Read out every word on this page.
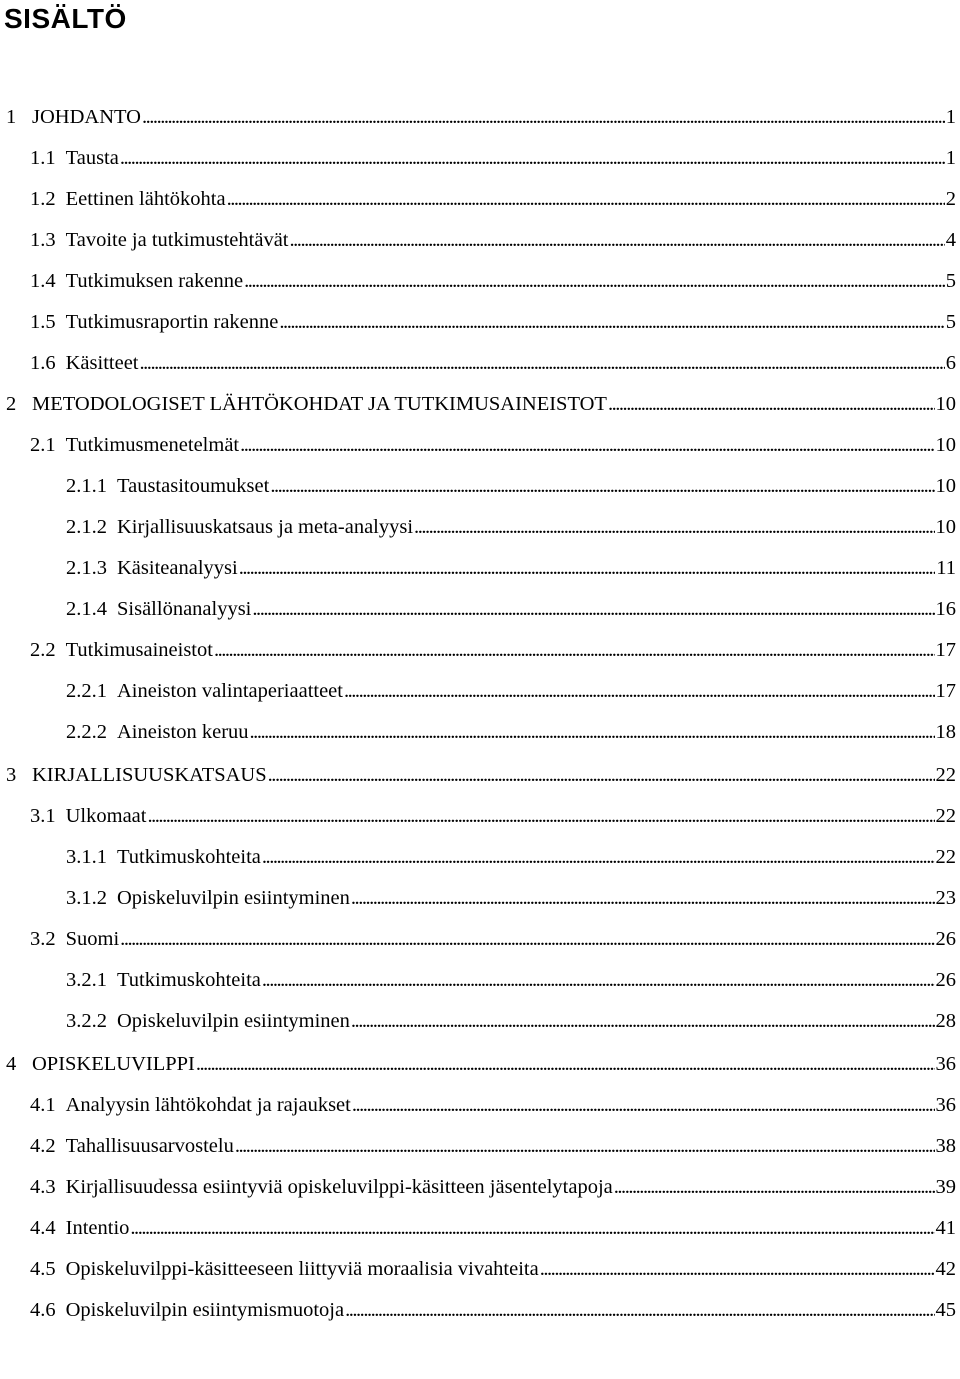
SISÄLTÖ
1 JOHDANTO . . .	1
1.1 Tausta . . .	1
1.2 Eettinen lähtökohta . . .	2
1.3 Tavoite ja tutkimustehtävät . . .	4
1.4 Tutkimuksen rakenne . . .	5
1.5 Tutkimusraportin rakenne . . .	5
1.6 Käsitteet . . .	6
2 METODOLOGISET LÄHTÖKOHDAT JA TUTKIMUSAINEISTOT . . .	10
2.1 Tutkimusmenetelmät . . .	10
2.1.1 Taustasitoumukset . . .	10
2.1.2 Kirjallisuuskatsaus ja meta-analyysi . . .	10
2.1.3 Käsiteanalyysi . . .	11
2.1.4 Sisällönanalyysi . . .	16
2.2 Tutkimusaineistot . . .	17
2.2.1 Aineiston valintaperiaatteet . . .	17
2.2.2 Aineiston keruu . . .	18
3 KIRJALLISUUSKATSAUS . . .	22
3.1 Ulkomaat . . .	22
3.1.1 Tutkimuskohteita . . .	22
3.1.2 Opiskeluvilpin esiintyminen . . .	23
3.2 Suomi . . .	26
3.2.1 Tutkimuskohteita . . .	26
3.2.2 Opiskeluvilpin esiintyminen . . .	28
4 OPISKELUVILPPI . . .	36
4.1 Analyysin lähtökohdat ja rajaukset . . .	36
4.2 Tahallisuusarvostelu . . .	38
4.3 Kirjallisuudessa esiintyviä opiskeluvilppi-käsitteen jäsentelytapoja . . .	39
4.4 Intentio . . .	41
4.5 Opiskeluvilppi-käsitteeseen liittyviä moraalisia vivahteita . . .	42
4.6 Opiskeluvilpin esiintymismuotoja . . .	45
